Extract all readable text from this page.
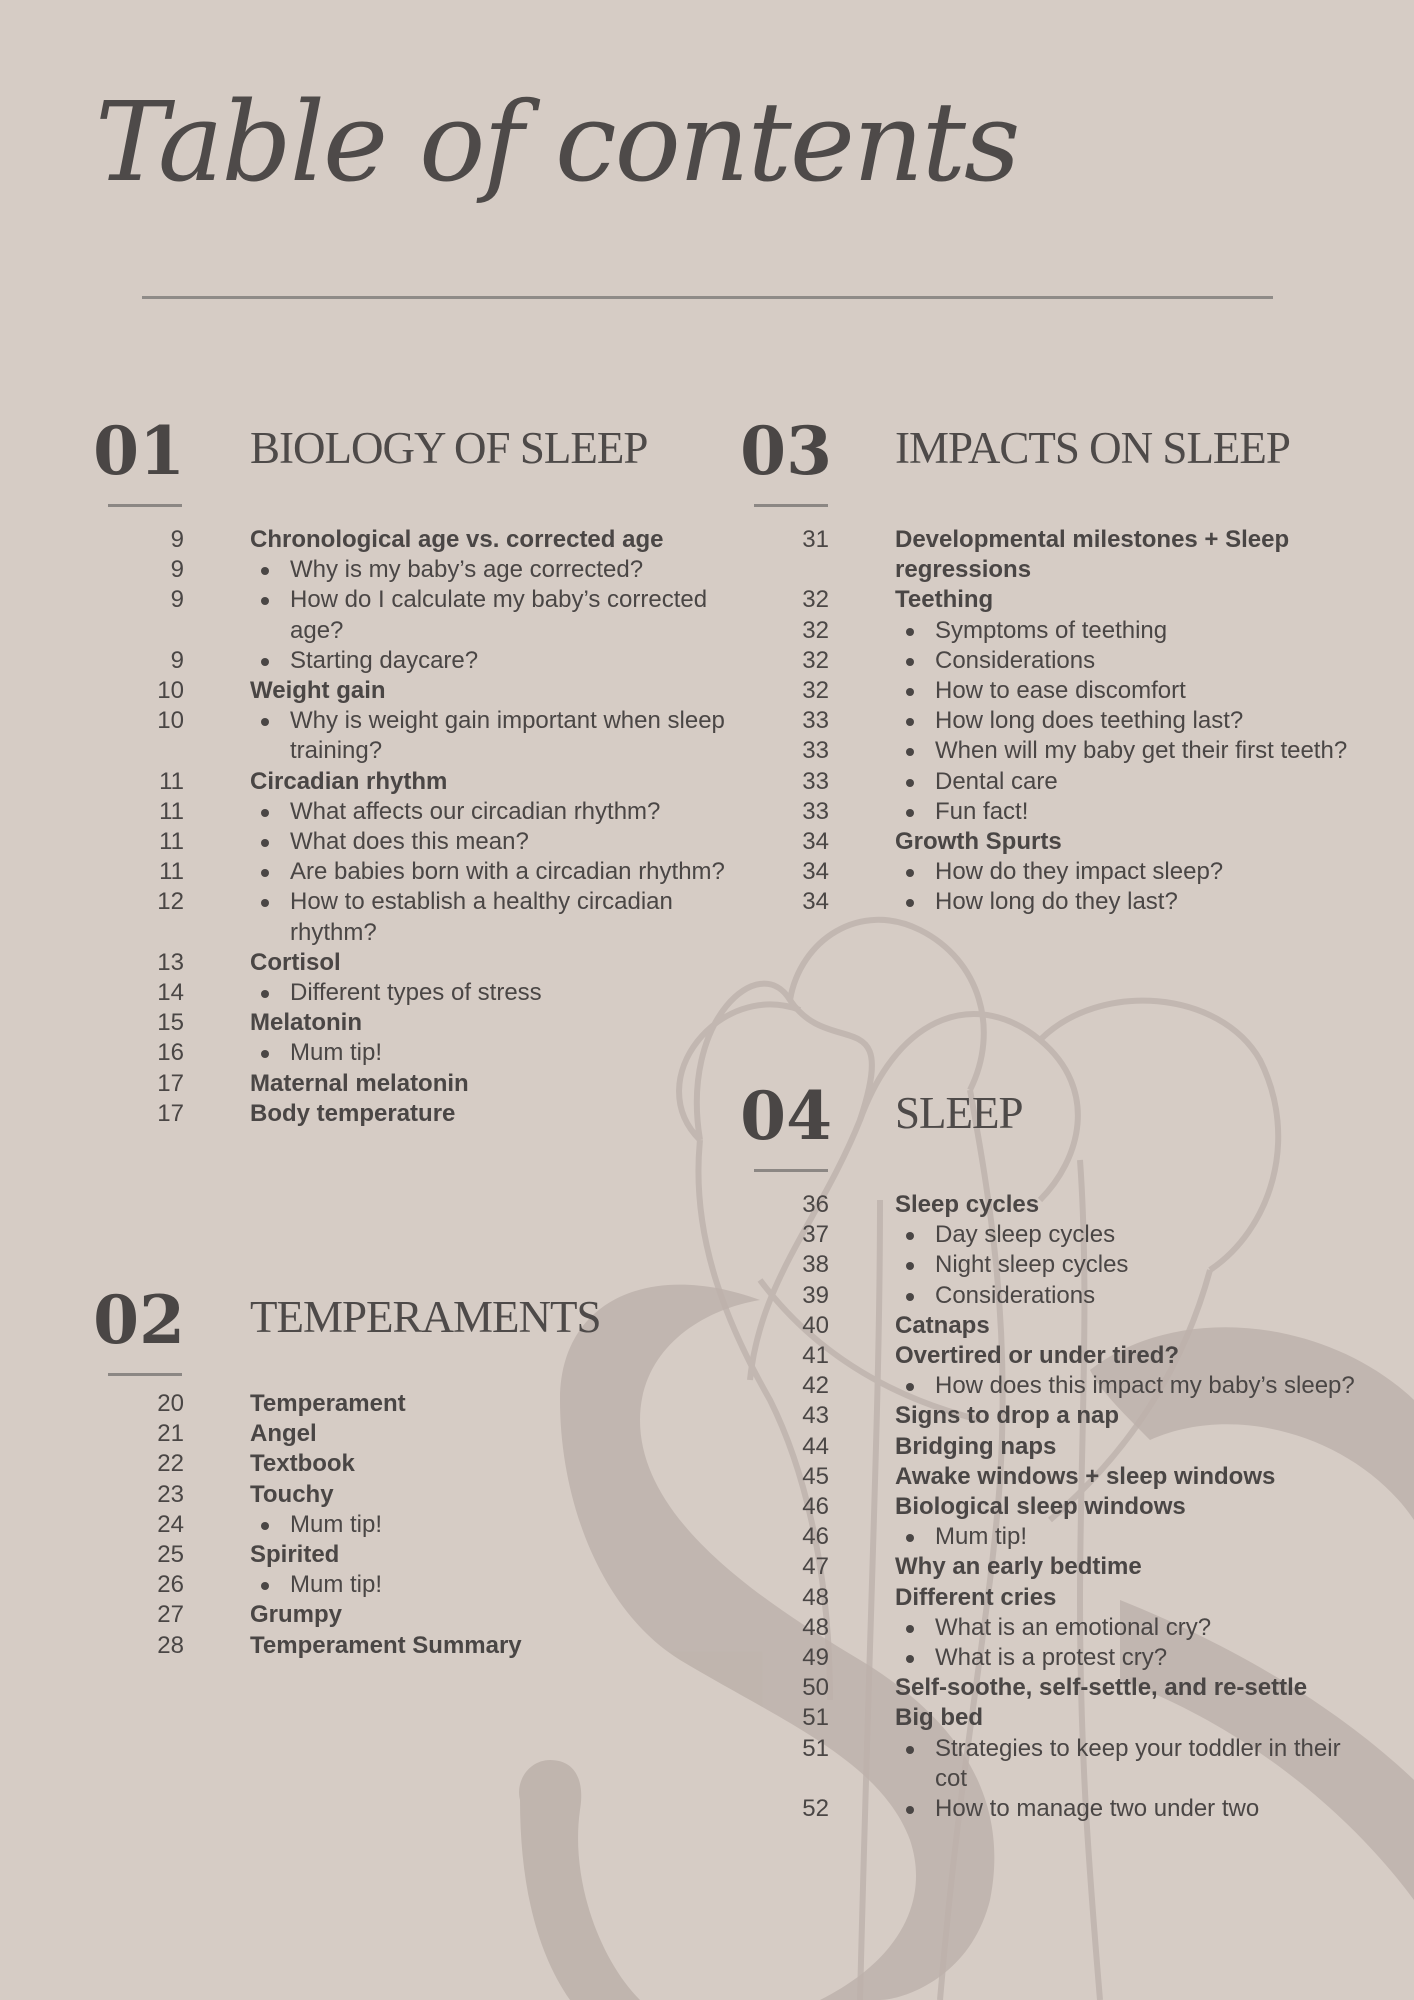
Table of contents
01 BIOLOGY OF SLEEP
9	Chronological age vs. corrected age
9	Why is my baby’s age corrected?
9	How do I calculate my baby’s corrected age?
9	Starting daycare?
10	Weight gain
10	Why is weight gain important when sleep training?
11	Circadian rhythm
11	What affects our circadian rhythm?
11	What does this mean?
11	Are babies born with a circadian rhythm?
12	How to establish a healthy circadian rhythm?
13	Cortisol
14	Different types of stress
15	Melatonin
16	Mum tip!
17	Maternal melatonin
17	Body temperature
02 TEMPERAMENTS
20	Temperament
21	Angel
22	Textbook
23	Touchy
24	Mum tip!
25	Spirited
26	Mum tip!
27	Grumpy
28	Temperament Summary
03 IMPACTS ON SLEEP
31	Developmental milestones + Sleep regressions
32	Teething
32	Symptoms of teething
32	Considerations
32	How to ease discomfort
33	How long does teething last?
33	When will my baby get their first teeth?
33	Dental care
33	Fun fact!
34	Growth Spurts
34	How do they impact sleep?
34	How long do they last?
04 SLEEP
36	Sleep cycles
37	Day sleep cycles
38	Night sleep cycles
39	Considerations
40	Catnaps
41	Overtired or under tired?
42	How does this impact my baby’s sleep?
43	Signs to drop a nap
44	Bridging naps
45	Awake windows + sleep windows
46	Biological sleep windows
46	Mum tip!
47	Why an early bedtime
48	Different cries
48	What is an emotional cry?
49	What is a protest cry?
50	Self-soothe, self-settle, and re-settle
51	Big bed
51	Strategies to keep your toddler in their cot
52	How to manage two under two
